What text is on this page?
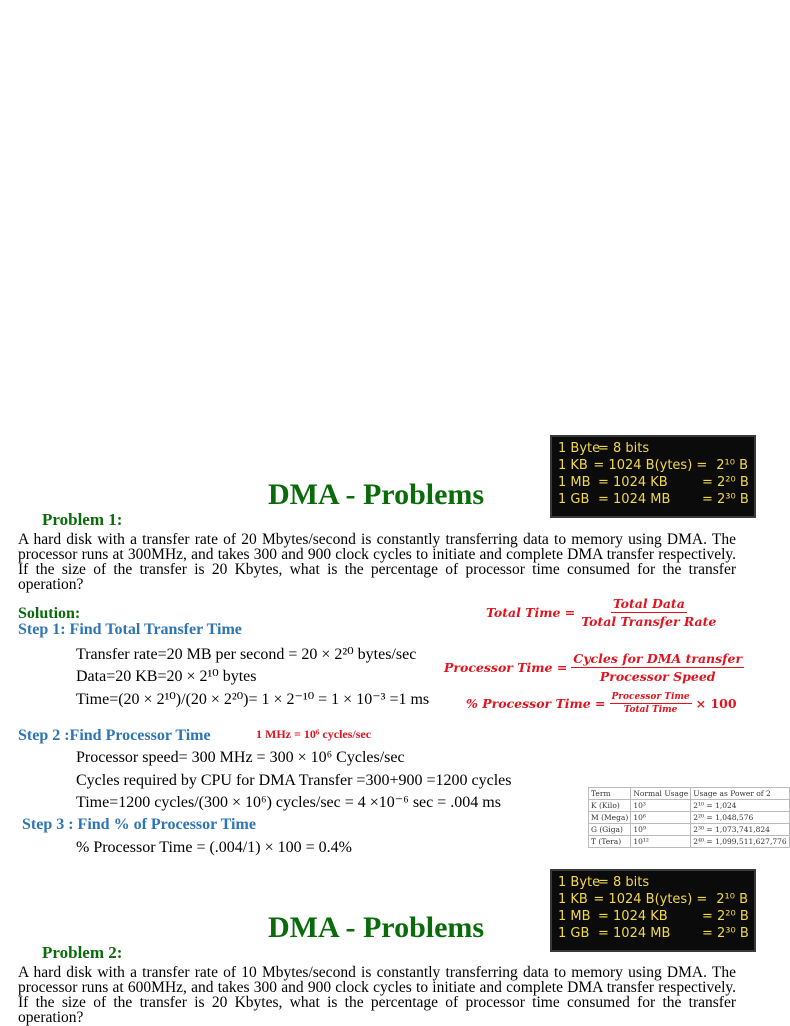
1 Byte
= 8 bits
1 KB = 1024 B(ytes) = 2¹⁰ B
1 MB = 1024 KB	= 2²⁰ B
1 GB = 1024 MB	= 2³⁰ B
DMA - Problems
Problem 1:
A hard disk with a transfer rate of 20 Mbytes/second is constantly transferring data to memory using DMA. The processor runs at 300MHz, and takes 300 and 900 clock cycles to initiate and complete DMA transfer respectively. If the size of the transfer is 20 Kbytes, what is the percentage of processor time consumed for the transfer operation?
Solution:
Step 1: Find Total Transfer Time
Transfer rate=20 MB per second = 20 × 2²⁰ bytes/sec
Data=20 KB=20 × 2¹⁰ bytes
Time=(20 × 2¹⁰)/(20 × 2²⁰)= 1 × 2⁻¹⁰ = 1 × 10⁻³ =1 ms
Step 2 :Find Processor Time	1 MHz = 10⁶ cycles/sec
Processor speed= 300 MHz = 300 × 10⁶ Cycles/sec
Cycles required by CPU for DMA Transfer =300+900 =1200 cycles
Time=1200 cycles/(300 × 10⁶) cycles/sec = 4 ×10⁻⁶ sec = .004 ms
Step 3 : Find % of Processor Time
% Processor Time = (.004/1) × 100 = 0.4%
Total Time = $\frac{\text{Total Data}}{\text{Total Transfer Rate}}$
Processor Time = $\frac{\text{Cycles for DMA transfer}}{\text{Processor Speed}}$
% Processor Time = $\frac{\text{Processor Time}}{\text{Total Time}} \times 100$
Term	Normal Usage	Usage as Power of 2
K (Kilo)	10³	2¹⁰ = 1,024
M (Mega)	10⁶	2²⁰ = 1,048,576
G (Giga)	10⁹	2³⁰ = 1,073,741,824
T (Tera)	10¹²	2⁴⁰ = 1,099,511,627,776
1 Byte
= 8 bits
1 KB = 1024 B(ytes) = 2¹⁰ B
1 MB = 1024 KB	= 2²⁰ B
1 GB = 1024 MB	= 2³⁰ B
DMA - Problems
Problem 2:
A hard disk with a transfer rate of 10 Mbytes/second is constantly transferring data to memory using DMA. The processor runs at 600MHz, and takes 300 and 900 clock cycles to initiate and complete DMA transfer respectively. If the size of the transfer is 20 Kbytes, what is the percentage of processor time consumed for the transfer operation?
